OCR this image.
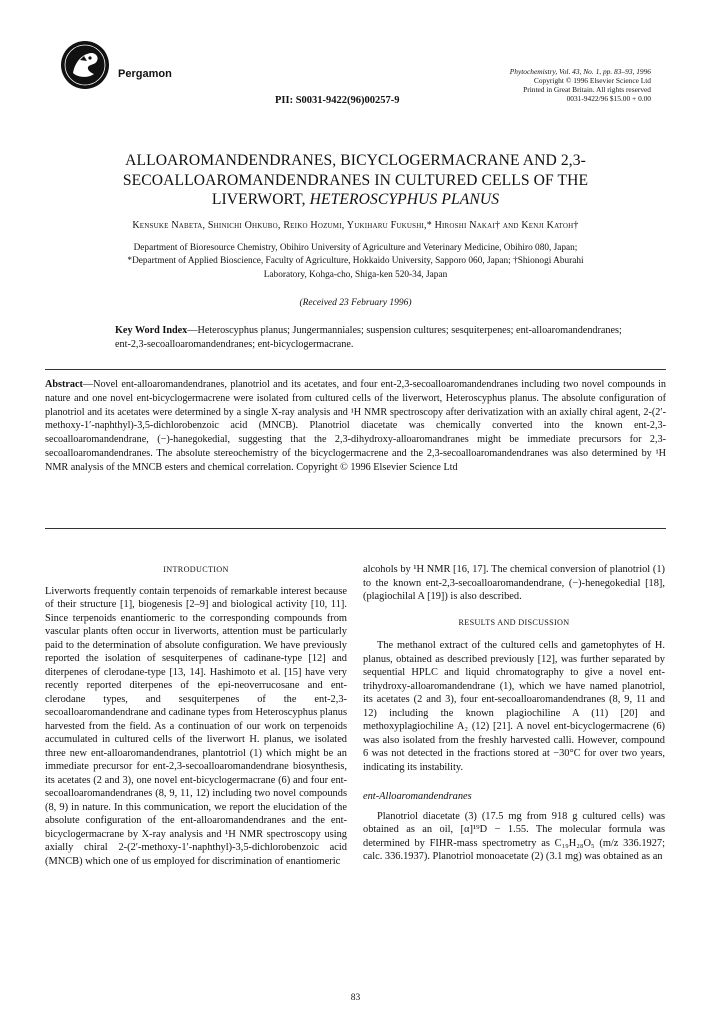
Pergamon
PII: S0031-9422(96)00257-9
Phytochemistry, Vol. 43, No. 1, pp. 83–93, 1996
Copyright © 1996 Elsevier Science Ltd
Printed in Great Britain. All rights reserved
0031-9422/96 $15.00 + 0.00
ALLOAROMANDENDRANES, BICYCLOGERMACRANE AND 2,3-
SECOALLOAROMANDENDRANES IN CULTURED CELLS OF THE
LIVERWORT, HETEROSCYPHUS PLANUS
Kensuke Nabeta, Shinichi Ohkubo, Reiko Hozumi, Yukiharu Fukushi,* Hiroshi Nakai† and Kenji Katoh†
Department of Bioresource Chemistry, Obihiro University of Agriculture and Veterinary Medicine, Obihiro 080, Japan;
*Department of Applied Bioscience, Faculty of Agriculture, Hokkaido University, Sapporo 060, Japan; †Shionogi Aburahi
Laboratory, Kohga-cho, Shiga-ken 520-34, Japan
(Received 23 February 1996)
Key Word Index—Heteroscyphus planus; Jungermanniales; suspension cultures; sesquiterpenes; ent-alloaromandendranes; ent-2,3-secoalloaromandendranes; ent-bicyclogermacrane.
Abstract—Novel ent-alloaromandendranes, planotriol and its acetates, and four ent-2,3-secoalloaromandendranes including two novel compounds in nature and one novel ent-bicyclogermacrene were isolated from cultured cells of the liverwort, Heteroscyphus planus. The absolute configuration of planotriol and its acetates were determined by a single X-ray analysis and ¹H NMR spectroscopy after derivatization with an axially chiral agent, 2-(2′-methoxy-1′-naphthyl)-3,5-dichlorobenzoic acid (MNCB). Planotriol diacetate was chemically converted into the known ent-2,3-secoalloaromandendrane, (−)-hanegokedial, suggesting that the 2,3-dihydroxy-alloaromandranes might be immediate precursors for 2,3-secoalloaromandendranes. The absolute stereochemistry of the bicyclogermacrene and the 2,3-secoalloaromandendranes was also determined by ¹H NMR analysis of the MNCB esters and chemical correlation. Copyright © 1996 Elsevier Science Ltd
INTRODUCTION

Liverworts frequently contain terpenoids of remarkable interest because of their structure [1], biogenesis [2–9] and biological activity [10, 11]. Since terpenoids enantiomeric to the corresponding compounds from vascular plants often occur in liverworts, attention must be particularly paid to the determination of absolute configuration. We have previously reported the isolation of sesquiterpenes of cadinane-type [12] and diterpenes of clerodane-type [13, 14]. Hashimoto et al. [15] have very recently reported diterpenes of the epi-neoverrucosane and ent-clerodane types, and sesquiterpenes of the ent-2,3-secoalloaromandendrane and cadinane types from Heteroscyphus planus harvested from the field. As a continuation of our work on terpenoids accumulated in cultured cells of the liverwort H. planus, we isolated three new ent-alloaromandendranes, plantotriol (1) which might be an immediate precursor for ent-2,3-secoalloaromandendrane biosynthesis, its acetates (2 and 3), one novel ent-bicyclogermacrane (6) and four ent-secoalloaromandendranes (8, 9, 11, 12) including two novel compounds (8, 9) in nature. In this communication, we report the elucidation of the absolute configuration of the ent-alloaromandendranes and the ent-bicyclogermacrane by X-ray analysis and ¹H NMR spectroscopy using axially chiral 2-(2′-methoxy-1′-naphthyl)-3,5-dichlorobenzoic acid (MNCB) which one of us employed for discrimination of enantiomeric

alcohols by ¹H NMR [16, 17]. The chemical conversion of planotriol (1) to the known ent-2,3-secoalloaromandendrane, (−)-henegokedial [18], (plagiochilal A [19]) is also described.

RESULTS AND DISCUSSION

The methanol extract of the cultured cells and gametophytes of H. planus, obtained as described previously [12], was further separated by sequential HPLC and liquid chromatography to give a novel ent-trihydroxy-alloaromandendrane (1), which we have named planotriol, its acetates (2 and 3), four ent-secoalloaromandendranes (8, 9, 11 and 12) including the known plagiochiline A (11) [20] and methoxyplagiochiline A₂ (12) [21]. A novel ent-bicyclogermacrene (6) was also isolated from the freshly harvested calli. However, compound 6 was not detected in the fractions stored at −30°C for over two years, indicating its instability.

ent-Alloaromandendranes

Planotriol diacetate (3) (17.5 mg from 918 g cultured cells) was obtained as an oil, [α]¹⁹D − 1.55. The molecular formula was determined by FIHR-mass spectrometry as C₁₉H₂₈O₅ (m/z 336.1927; calc. 336.1937). Planotriol monoacetate (2) (3.1 mg) was obtained as an

83
